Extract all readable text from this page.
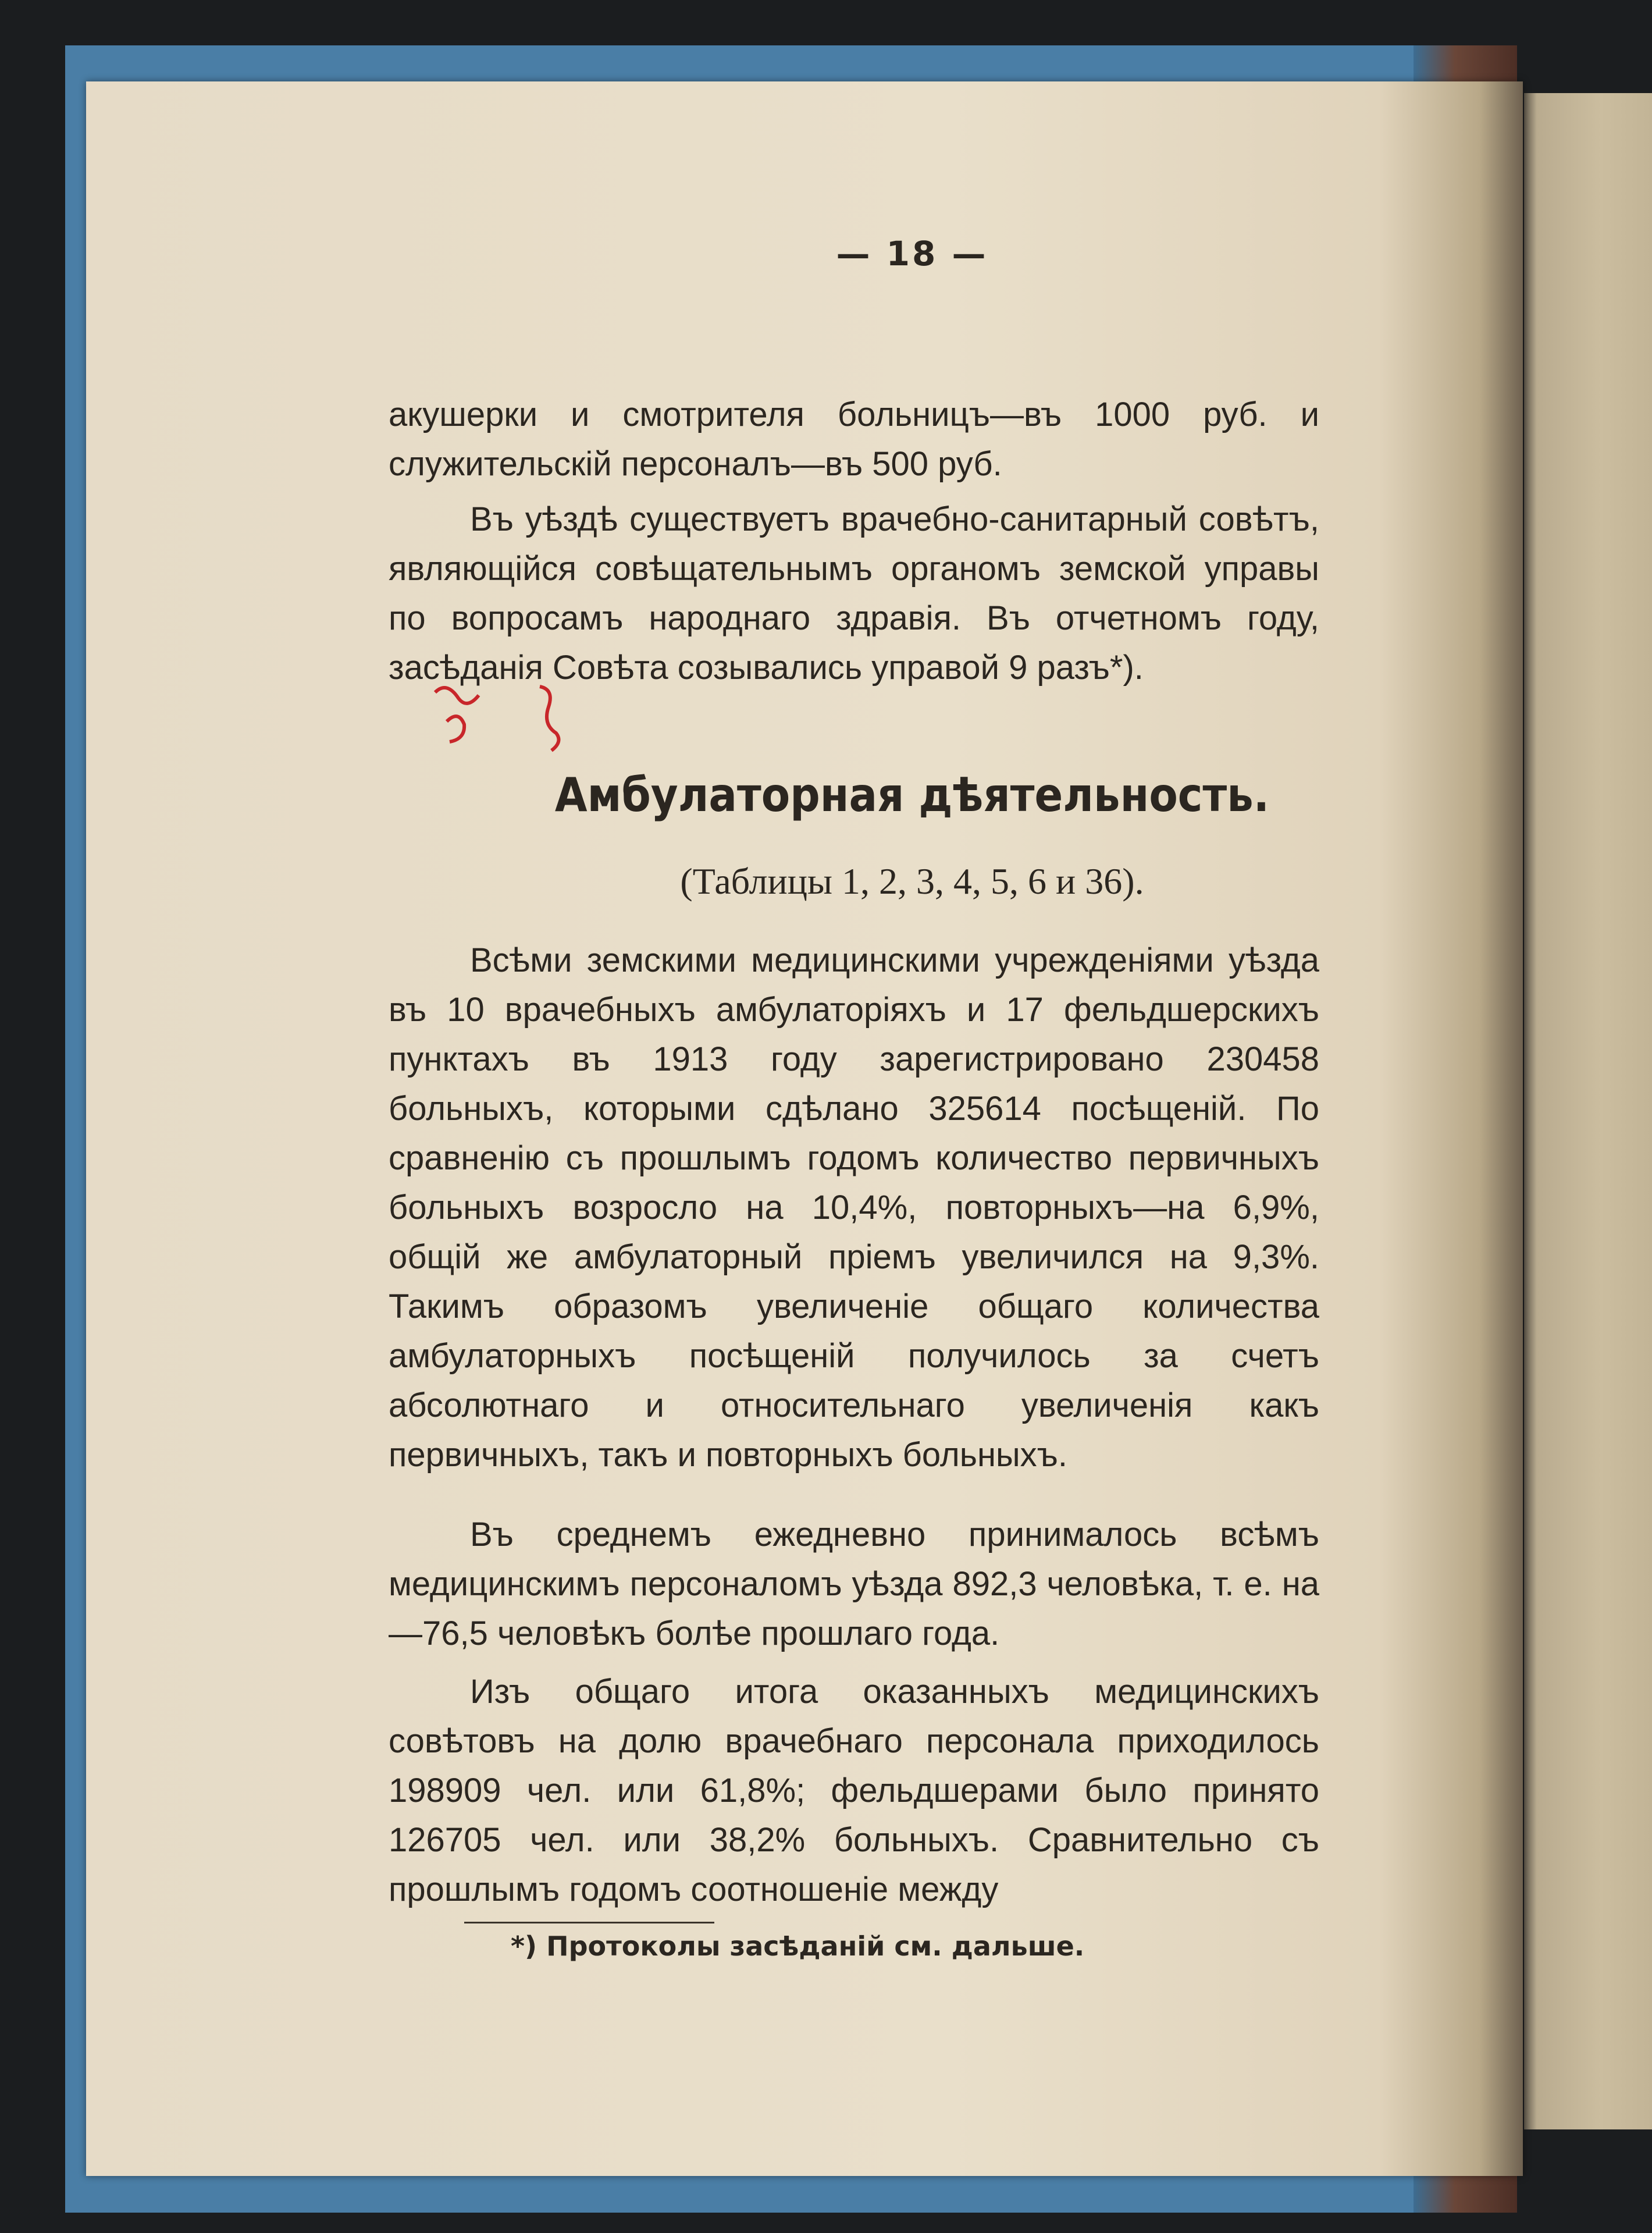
— 18 —

акушерки и смотрителя больницъ—въ 1000 руб. и служительскій персоналъ—въ 500 руб.

Въ уѣздѣ существуетъ врачебно-санитарный совѣтъ, являющійся совѣщательнымъ органомъ земской управы по вопросамъ народнаго здравія. Въ отчетномъ году, засѣданія Совѣта созывались управой 9 разъ*).

Амбулаторная дѣятельность.
(Таблицы 1, 2, 3, 4, 5, 6 и 36).

Всѣми земскими медицинскими учрежденіями уѣзда въ 10 врачебныхъ амбулаторіяхъ и 17 фельдшерскихъ пунктахъ въ 1913 году зарегистрировано 230458 больныхъ, которыми сдѣлано 325614 посѣщеній. По сравненію съ прошлымъ годомъ количество первичныхъ больныхъ возросло на 10,4%, повторныхъ—на 6,9%, общій же амбулаторный пріемъ увеличился на 9,3%. Такимъ образомъ увеличеніе общаго количества амбулаторныхъ посѣщеній получилось за счетъ абсолютнаго и относительнаго увеличенія какъ первичныхъ, такъ и повторныхъ больныхъ.

Въ среднемъ ежедневно принималось всѣмъ медицинскимъ персоналомъ уѣзда 892,3 человѣка, т. е. на—76,5 человѣкъ болѣе прошлаго года.

Изъ общаго итога оказанныхъ медицинскихъ совѣтовъ на долю врачебнаго персонала приходилось 198909 чел. или 61,8%; фельдшерами было принято 126705 чел. или 38,2% больныхъ. Сравнительно съ прошлымъ годомъ соотношеніе между

*) Протоколы засѣданій см. дальше.
